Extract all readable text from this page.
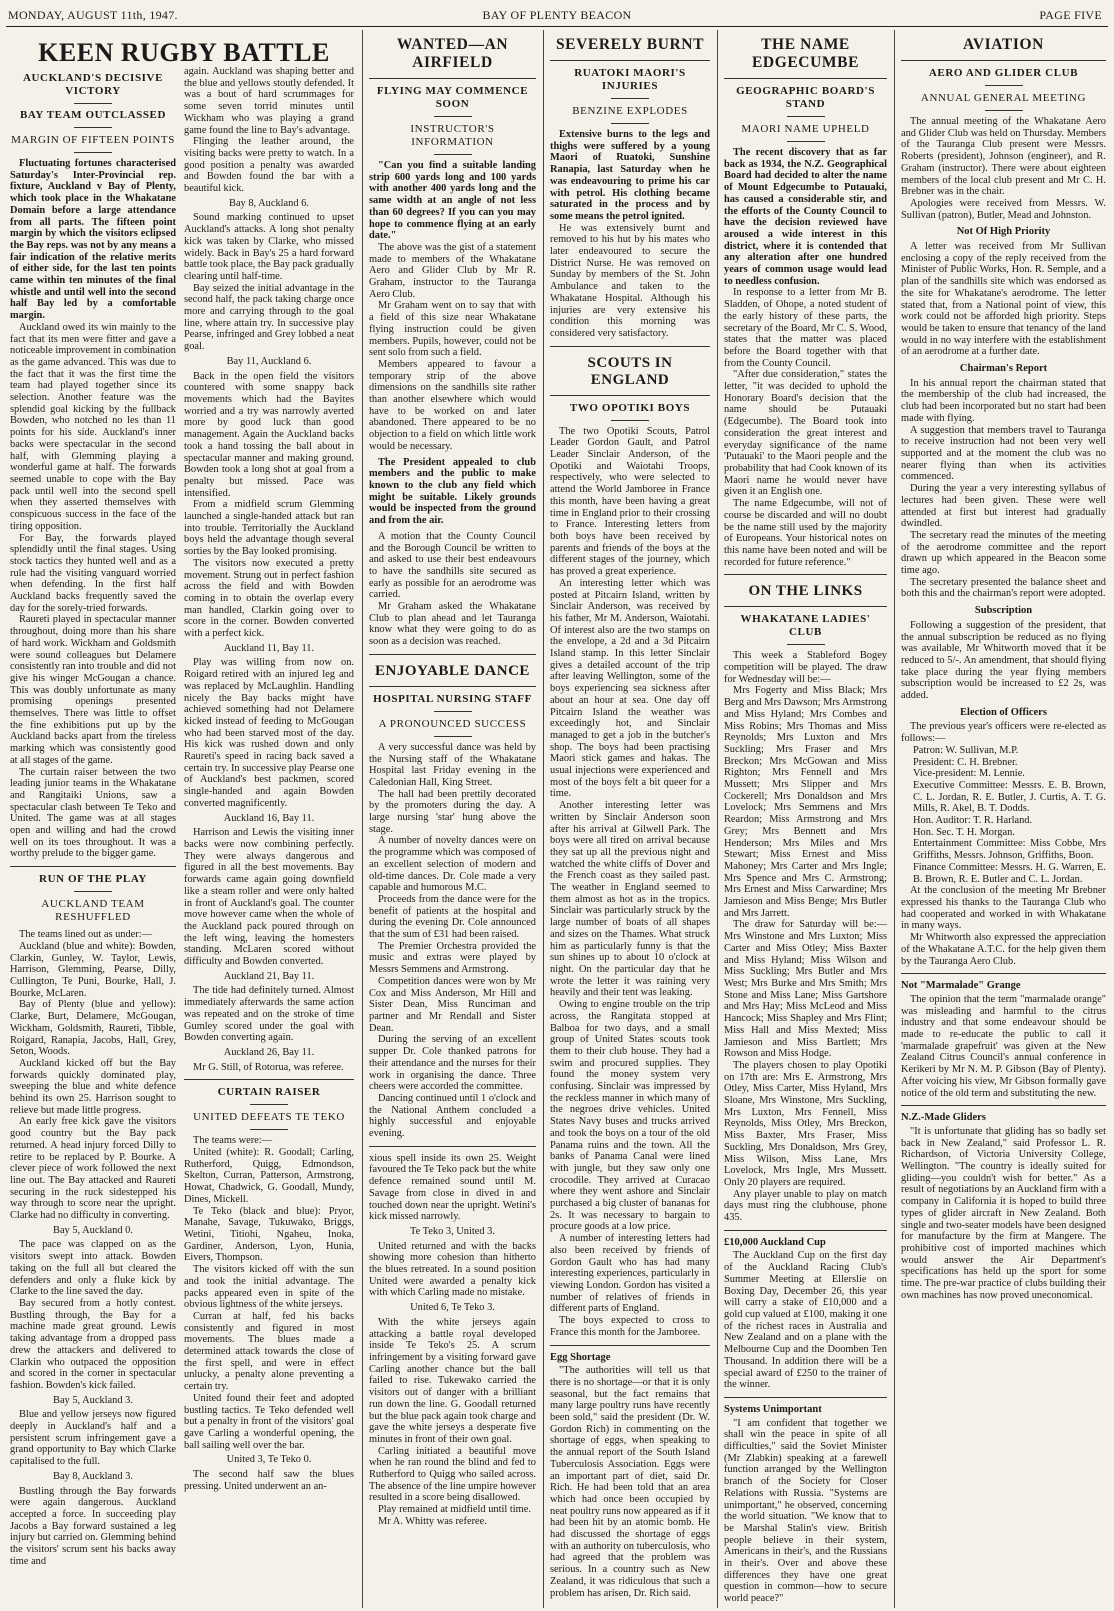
MONDAY, AUGUST 11th, 1947.	BAY OF PLENTY BEACON	PAGE FIVE
KEEN RUGBY BATTLE
AUCKLAND'S DECISIVE VICTORY
BAY TEAM OUTCLASSED
MARGIN OF FIFTEEN POINTS

Fluctuating fortunes characterised Saturday's Inter-Provincial rep. fixture, Auckland v Bay of Plenty, which took place in the Whakatane Domain before a large attendance from all parts. The fifteen point margin by which the visitors eclipsed the Bay reps. was not by any means a fair indication of the relative merits of either side, for the last ten points came within ten minutes of the final whistle and until well into the second half Bay led by a comfortable margin.

Auckland owed its win mainly to the fact that its men were fitter and gave a noticeable improvement in combination as the game advanced. This was due to the fact that it was the first time the team had played together since its selection. Another feature was the splendid goal kicking by the fullback Bowden, who notched no les than 11 points for his side. Auckland's inner backs were spectacular in the second half, with Glemming playing a wonderful game at half. The forwards seemed unable to cope with the Bay pack until well into the second spell when they asserted themselves with conspicuous success in the face of the tiring opposition.

For Bay, the forwards played splendidly until the final stages. Using stock tactics they hunted well and as a rule had the visiting vanguard worried when defending. In the first half Auckland backs frequently saved the day for the sorely-tried forwards.

Raureti played in spectacular manner throughout, doing more than his share of hard work. Wickham and Goldsmith were sound colleagues but Delamere consistently ran into trouble and did not give his winger McGougan a chance. This was doubly unfortunate as many promising openings presented themselves. There was little to offset the fine exhibitions put up by the Auckland backs apart from the tireless marking which was consistently good at all stages of the game.

The curtain raiser between the two leading junior teams in the Whakatane and Rangitaiki Unions, saw a spectacular clash between Te Teko and United. The game was at all stages open and willing and had the crowd well on its toes throughout. It was a worthy prelude to the bigger game.

RUN OF THE PLAY
AUCKLAND TEAM RESHUFFLED

The teams lined out as under:—

Auckland (blue and white): Bowden, Clarkin, Gunley, W. Taylor, Lewis, Harrison, Glemming, Pearse, Dilly, Cullington, Te Puni, Bourke, Hall, J. Bourke, McLaren.

Bay of Plenty (blue and yellow): Clarke, Burt, Delamere, McGougan, Wickham, Goldsmith, Raureti, Tibble, Roigard, Ranapia, Jacobs, Hall, Grey, Seton, Woods.

Auckland kicked off but the Bay forwards quickly dominated play, sweeping the blue and white defence behind its own 25. Harrison sought to relieve but made little progress.

An early free kick gave the visitors good country but the Bay pack returned. A head injury forced Dilly to retire to be replaced by P. Bourke. A clever piece of work followed the next line out. The Bay attacked and Raureti securing in the ruck sidestepped his way through to score near the upright. Clarke had no difficulty in converting.

Bay 5, Auckland 0.

The pace was clapped on as the visitors swept into attack. Bowden taking on the full all but cleared the defenders and only a fluke kick by Clarke to the line saved the day.

Bay secured from a hotly contest. Bustling through, the Bay for a machine made great ground. Lewis taking advantage from a dropped pass drew the attackers and delivered to Clarkin who outpaced the opposition and scored in the corner in spectacular fashion. Bowden's kick failed.

Bay 5, Auckland 3.

Blue and yellow jerseys now figured deeply in Auckland's half and a persistent scrum infringement gave a grand opportunity to Bay which Clarke capitalised to the full.

Bay 8, Auckland 3.

Bustling through the Bay forwards were again dangerous. Auckland accepted a force. In succeeding play Jacobs a Bay forward sustained a leg injury but carried on. Glemming behind the visitors' scrum sent his backs away time and

again. Auckland was shaping better and the blue and yellows stoutly defended. It was a bout of hard scrummages for some seven torrid minutes until Wickham who was playing a grand game found the line to Bay's advantage.

Flinging the leather around, the visiting backs were pretty to watch. In a good position a penalty was awarded and Bowden found the bar with a beautiful kick.

Bay 8, Auckland 6.

Sound marking continued to upset Auckland's attacks. A long shot penalty kick was taken by Clarke, who missed widely. Back in Bay's 25 a hard forward battle took place, the Bay pack gradually clearing until half-time.

Bay seized the initial advantage in the second half, the pack taking charge once more and carrying through to the goal line, where attain try. In successive play Pearse, infringed and Grey lobbed a neat goal.

Bay 11, Auckland 6.

Back in the open field the visitors countered with some snappy back movements which had the Bayites worried and a try was narrowly averted more by good luck than good management. Again the Auckland backs took a hand tossing the ball about in spectacular manner and making ground. Bowden took a long shot at goal from a penalty but missed. Pace was intensified.

From a midfield scrum Glemming launched a single-handed attack but ran into trouble. Territorially the Auckland boys held the advantage though several sorties by the Bay looked promising.

The visitors now executed a pretty movement. Strung out in perfect fashion across the field and with Bowden coming in to obtain the overlap every man handled, Clarkin going over to score in the corner. Bowden converted with a perfect kick.

Auckland 11, Bay 11.

Play was willing from now on. Roigard retired with an injured leg and was replaced by McLaughlin. Handling nicely the Bay backs might have achieved something had not Delamere kicked instead of feeding to McGougan who had been starved most of the day. His kick was rushed down and only Raureti's speed in racing back saved a certain try. In successive play Pearse one of Auckland's best packmen, scored single-handed and again Bowden converted magnificently.

Auckland 16, Bay 11.

Harrison and Lewis the visiting inner backs were now combining perfectly. They were always dangerous and figured in all the best movements. Bay forwards came again going downfield like a steam roller and were only halted in front of Auckland's goal. The counter move however came when the whole of the Auckland pack poured through on the left wing, leaving the homesters standing. McLaren scored without difficulty and Bowden converted.

Auckland 21, Bay 11.

The tide had definitely turned. Almost immediately afterwards the same action was repeated and on the stroke of time Gumley scored under the goal with Bowden converting again.

Auckland 26, Bay 11.

Mr G. Still, of Rotorua, was referee.

CURTAIN RAISER
UNITED DEFEATS TE TEKO

The teams were:—

United (white): R. Goodall; Carling, Rutherford, Quigg, Edmondson, Skelton, Curran, Patterson, Armstrong, Howat, Chadwick, G. Goodall, Mundy, Dines, Mickell.

Te Teko (black and blue): Pryor, Manahe, Savage, Tukuwako, Briggs, Wetini, Titiohi, Ngaheu, Inoka, Gardiner, Anderson, Lyon, Hunia, Eivers, Thompson.

The visitors kicked off with the sun and took the initial advantage. The packs appeared even in spite of the obvious lightness of the white jerseys.

Curran at half, fed his backs consistently and figured in most movements. The blues made a determined attack towards the close of the first spell, and were in effect unlucky, a penalty alone preventing a certain try.

United found their feet and adopted bustling tactics. Te Teko defended well but a penalty in front of the visitors' goal gave Carling a wonderful opening, the ball sailing well over the bar.

United 3, Te Teko 0.

The second half saw the blues pressing. United underwent an an-

WANTED—AN AIRFIELD
FLYING MAY COMMENCE SOON
INSTRUCTOR'S INFORMATION

"Can you find a suitable landing strip 600 yards long and 100 yards with another 400 yards long and the same width at an angle of not less than 60 degrees? If you can you may hope to commence flying at an early date."

The above was the gist of a statement made to members of the Whakatane Aero and Glider Club by Mr R. Graham, instructor to the Tauranga Aero Club.

Mr Graham went on to say that with a field of this size near Whakatane flying instruction could be given members. Pupils, however, could not be sent solo from such a field.

Members appeared to favour a temporary strip of the above dimensions on the sandhills site rather than another elsewhere which would have to be worked on and later abandoned. There appeared to be no objection to a field on which little work would be necessary.

The President appealed to club members and the public to make known to the club any field which might be suitable. Likely grounds would be inspected from the ground and from the air.

A motion that the County Council and the Borough Council be written to and asked to use their best endeavours to have the sandhills site secured as early as possible for an aerodrome was carried.

Mr Graham asked the Whakatane Club to plan ahead and let Tauranga know what they were going to do as soon as a decision was reached.

ENJOYABLE DANCE
HOSPITAL NURSING STAFF
A PRONOUNCED SUCCESS

A very successful dance was held by the Nursing staff of the Whakatane Hospital last Friday evening in the Caledonian Hall, King Street.

The hall had been prettily decorated by the promoters during the day. A large nursing 'star' hung above the stage.

A number of novelty dances were on the programme which was composed of an excellent selection of modern and old-time dances. Dr. Cole made a very capable and humorous M.C.

Proceeds from the dance were for the benefit of patients at the hospital and during the evening Dr. Cole announced that the sum of £31 had been raised.

The Premier Orchestra provided the music and extras were played by Messrs Semmens and Armstrong.

Competition dances were won by Mr Cox and Miss Anderson, Mr Hill and Sister Dean, Miss Runciman and partner and Mr Rendall and Sister Dean.

During the serving of an excellent supper Dr. Cole thanked patrons for their attendance and the nurses for their work in organising the dance. Three cheers were accorded the committee.

Dancing continued until 1 o'clock and the National Anthem concluded a highly successful and enjoyable evening.

xious spell inside its own 25. Weight favoured the Te Teko pack but the white defence remained sound until M. Savage from close in dived in and touched down near the upright. Wetini's kick missed narrowly.

Te Teko 3, United 3.

United returned and with the backs showing more cohesion than hitherto the blues retreated. In a sound position United were awarded a penalty kick with which Carling made no mistake.

United 6, Te Teko 3.

With the white jerseys again attacking a battle royal developed inside Te Teko's 25. A scrum infringement by a visiting forward gave Carling another chance but the ball failed to rise. Tukewako carried the visitors out of danger with a brilliant run down the line. G. Goodall returned but the blue pack again took charge and gave the white jerseys a desperate five minutes in front of their own goal.

Carling initiated a beautiful move when he ran round the blind and fed to Rutherford to Quigg who sailed across. The absence of the line umpire however resulted in a score being disallowed.

Play remained at midfield until time.

Mr A. Whitty was referee.

SEVERELY BURNT
RUATOKI MAORI'S INJURIES
BENZINE EXPLODES

Extensive burns to the legs and thighs were suffered by a young Maori of Ruatoki, Sunshine Ranapia, last Saturday when he was endeavouring to prime his car with petrol. His clothing became saturated in the process and by some means the petrol ignited.

He was extensively burnt and removed to his hut by his mates who later endeavoured to secure the District Nurse. He was removed on Sunday by members of the St. John Ambulance and taken to the Whakatane Hospital. Although his injuries are very extensive his condition this morning was considered very satisfactory.

SCOUTS IN ENGLAND
TWO OPOTIKI BOYS

The two Opotiki Scouts, Patrol Leader Gordon Gault, and Patrol Leader Sinclair Anderson, of the Opotiki and Waiotahi Troops, respectively, who were selected to attend the World Jamboree in France this month, have been having a great time in England prior to their crossing to France. Interesting letters from both boys have been received by parents and friends of the boys at the different stages of the journey, which has proved a great experience.

An interesting letter which was posted at Pitcairn Island, written by Sinclair Anderson, was received by his father, Mr M. Anderson, Waiotahi. Of interest also are the two stamps on the envelope, a 2d and a 3d Pitcairn Island stamp. In this letter Sinclair gives a detailed account of the trip after leaving Wellington, some of the boys experiencing sea sickness after about an hour at sea. One day off Pitcairn Island the weather was exceedingly hot, and Sinclair managed to get a job in the butcher's shop. The boys had been practising Maori stick games and hakas. The usual injections were experienced and most of the boys felt a bit queer for a time.

Another interesting letter was written by Sinclair Anderson soon after his arrival at Gilwell Park. The boys were all tired on arrival because they sat up all the previous night and watched the white cliffs of Dover and the French coast as they sailed past. The weather in England seemed to them almost as hot as in the tropics. Sinclair was particularly struck by the large number of boats of all shapes and sizes on the Thames. What struck him as particularly funny is that the sun shines up to about 10 o'clock at night. On the particular day that he wrote the letter it was raining very heavily and their tent was leaking.

Owing to engine trouble on the trip across, the Rangitata stopped at Balboa for two days, and a small group of United States scouts took them to their club house. They had a swim and procured supplies. They found the money system very confusing. Sinclair was impressed by the reckless manner in which many of the negroes drive vehicles. United States Navy buses and trucks arrived and took the boys on a tour of the old Panama ruins and the town. All the banks of Panama Canal were lined with jungle, but they saw only one crocodile. They arrived at Curacao where they went ashore and Sinclair purchased a big cluster of bananas for 2s. It was necessary to bargain to procure goods at a low price.

A number of interesting letters had also been received by friends of Gordon Gault who has had many interesting experiences, particularly in viewing London. Gordon has visited a number of relatives of friends in different parts of England.

The boys expected to cross to France this month for the Jamboree.

Egg Shortage

"The authorities will tell us that there is no shortage—or that it is only seasonal, but the fact remains that many large poultry runs have recently been sold," said the president (Dr. W. Gordon Rich) in commenting on the shortage of eggs, when speaking to the annual report of the South Island Tuberculosis Association. Eggs were an important part of diet, said Dr. Rich. He had been told that an area which had once been occupied by neat poultry runs now appeared as if it had been hit by an atomic bomb. He had discussed the shortage of eggs with an authority on tuberculosis, who had agreed that the problem was serious. In a country such as New Zealand, it was ridiculous that such a problem has arisen, Dr. Rich said.

THE NAME EDGECUMBE
GEOGRAPHIC BOARD'S STAND
MAORI NAME UPHELD

The recent discovery that as far back as 1934, the N.Z. Geographical Board had decided to alter the name of Mount Edgecumbe to Putauaki, has caused a considerable stir, and the efforts of the County Council to have the decision reviewed have aroused a wide interest in this district, where it is contended that any alteration after one hundred years of common usage would lead to needless confusion.

In response to a letter from Mr B. Sladden, of Ohope, a noted student of the early history of these parts, the secretary of the Board, Mr C. S. Wood, states that the matter was placed before the Board together with that from the County Council.

"After due consideration," states the letter, "it was decided to uphold the Honorary Board's decision that the name should be Putauaki (Edgecumbe). The Board took into consideration the great interest and everyday significance of the name 'Putauaki' to the Maori people and the probability that had Cook known of its Maori name he would never have given it an English one.

The name Edgecumbe, will not of course be discarded and will no doubt be the name still used by the majority of Europeans. Your historical notes on this name have been noted and will be recorded for future reference."

ON THE LINKS
WHAKATANE LADIES' CLUB

This week a Stableford Bogey competition will be played. The draw for Wednesday will be:—

Mrs Fogerty and Miss Black; Mrs Berg and Mrs Dawson; Mrs Armstrong and Miss Hyland; Mrs Combes and Miss Robins; Mrs Thomas and Miss Reynolds; Mrs Luxton and Mrs Suckling; Mrs Fraser and Mrs Breckon; Mrs McGowan and Miss Righton; Mrs Fennell and Mrs Mussett; Mrs Slipper and Mrs Cockerell; Mrs Donaldson and Mrs Lovelock; Mrs Semmens and Mrs Reardon; Miss Armstrong and Mrs Grey; Mrs Bennett and Mrs Henderson; Mrs Miles and Mrs Stewart; Miss Ernest and Miss Mahoney; Mrs Carter and Mrs Ingle; Mrs Spence and Mrs C. Armstrong; Mrs Ernest and Miss Carwardine; Mrs Jamieson and Miss Benge; Mrs Butler and Mrs Jarrett.

The draw for Saturday will be:— Mrs Winstone and Mrs Luxton; Miss Carter and Miss Otley; Miss Baxter and Miss Hyland; Miss Wilson and Miss Suckling; Mrs Butler and Mrs West; Mrs Burke and Mrs Smith; Mrs Stone and Miss Lane; Miss Gartshore and Mrs Hay; Miss McLeod and Miss Hancock; Miss Shapley and Mrs Flint; Miss Hall and Miss Mexted; Miss Jamieson and Miss Bartlett; Mrs Rowson and Miss Hodge.

The players chosen to play Opotiki on 17th are: Mrs E. Armstrong, Mrs Otley, Miss Carter, Miss Hyland, Mrs Sloane, Mrs Winstone, Mrs Suckling, Mrs Luxton, Mrs Fennell, Miss Reynolds, Miss Otley, Mrs Breckon, Miss Baxter, Mrs Fraser, Miss Suckling, Mrs Donaldson, Mrs Grey, Miss Wilson, Miss Lane, Mrs Lovelock, Mrs Ingle, Mrs Mussett. Only 20 players are required.

Any player unable to play on match days must ring the clubhouse, phone 435.

£10,000 Auckland Cup

The Auckland Cup on the first day of the Auckland Racing Club's Summer Meeting at Ellerslie on Boxing Day, December 26, this year will carry a stake of £10,000 and a gold cup valued at £100, making it one of the richest races in Australia and New Zealand and on a plane with the Melbourne Cup and the Doomben Ten Thousand. In addition there will be a special award of £250 to the trainer of the winner.

Systems Unimportant

"I am confident that together we shall win the peace in spite of all difficulties," said the Soviet Minister (Mr Zlabkin) speaking at a farewell function arranged by the Wellington branch of the Society for Closer Relations with Russia. "Systems are unimportant," he observed, concerning the world situation. "We know that to be Marshal Stalin's view. British people believe in their system, Americans in their's, and the Russians in their's. Over and above these differences they have one great question in common—how to secure world peace?"

AVIATION
AERO AND GLIDER CLUB
ANNUAL GENERAL MEETING

The annual meeting of the Whakatane Aero and Glider Club was held on Thursday. Members of the Tauranga Club present were Messrs. Roberts (president), Johnson (engineer), and R. Graham (instructor). There were about eighteen members of the local club present and Mr C. H. Brebner was in the chair.

Apologies were received from Messrs. W. Sullivan (patron), Butler, Mead and Johnston.

Not Of High Priority

A letter was received from Mr Sullivan enclosing a copy of the reply received from the Minister of Public Works, Hon. R. Semple, and a plan of the sandhills site which was endorsed as the site for Whakatane's aerodrome. The letter stated that, from a National point of view, this work could not be afforded high priority. Steps would be taken to ensure that tenancy of the land would in no way interfere with the establishment of an aerodrome at a further date.

Chairman's Report

In his annual report the chairman stated that the membership of the club had increased, the club had been incorporated but no start had been made with flying.

A suggestion that members travel to Tauranga to receive instruction had not been very well supported and at the moment the club was no nearer flying than when its activities commenced.

During the year a very interesting syllabus of lectures had been given. These were well attended at first but interest had gradually dwindled.

The secretary read the minutes of the meeting of the aerodrome committee and the report drawn up which appeared in the Beacon some time ago.

The secretary presented the balance sheet and both this and the chairman's report were adopted.

Subscription

Following a suggestion of the president, that the annual subscription be reduced as no flying was available, Mr Whitworth moved that it be reduced to 5/-. An amendment, that should flying take place during the year flying members subscription would be increased to £2 2s, was added.

Election of Officers

The previous year's officers were re-elected as follows:—

Patron: W. Sullivan, M.P.

President: C. H. Brebner.

Vice-president: M. Lennie.

Executive Committee: Messrs. E. B. Brown, C. L. Jordan, R. E. Butler, J. Curtis, A. T. G. Mills, R. Akel, B. T. Dodds.

Hon. Auditor: T. R. Harland.

Hon. Sec. T. H. Morgan.

Entertainment Committee: Miss Cobbe, Mrs Griffiths, Messrs. Johnson, Griffiths, Boon.

Finance Committee: Messrs. H. G. Warren, E. B. Brown, R. E. Butler and C. L. Jordan.

At the conclusion of the meeting Mr Brebner expressed his thanks to the Tauranga Club who had cooperated and worked in with Whakatane in many ways.

Mr Whitworth also expressed the appreciation of the Whakatane A.T.C. for the help given them by the Tauranga Aero Club.

Not "Marmalade" Grange

The opinion that the term "marmalade orange" was misleading and harmful to the citrus industry and that some endeavour should be made to re-educate the public to call it 'marmalade grapefruit' was given at the New Zealand Citrus Council's annual conference in Kerikeri by Mr N. M. P. Gibson (Bay of Plenty). After voicing his view, Mr Gibson formally gave notice of the old term and substituting the new.

N.Z.-Made Gliders

"It is unfortunate that gliding has so badly set back in New Zealand," said Professor L. R. Richardson, of Victoria University College, Wellington. "The country is ideally suited for gliding—you couldn't wish for better." As a result of negotiations by an Auckland firm with a company in California it is hoped to build three types of glider aircraft in New Zealand. Both single and two-seater models have been designed for manufacture by the firm at Mangere. The prohibitive cost of imported machines which would answer the Air Department's specifications has held up the sport for some time. The pre-war practice of clubs building their own machines has now proved uneconomical.
